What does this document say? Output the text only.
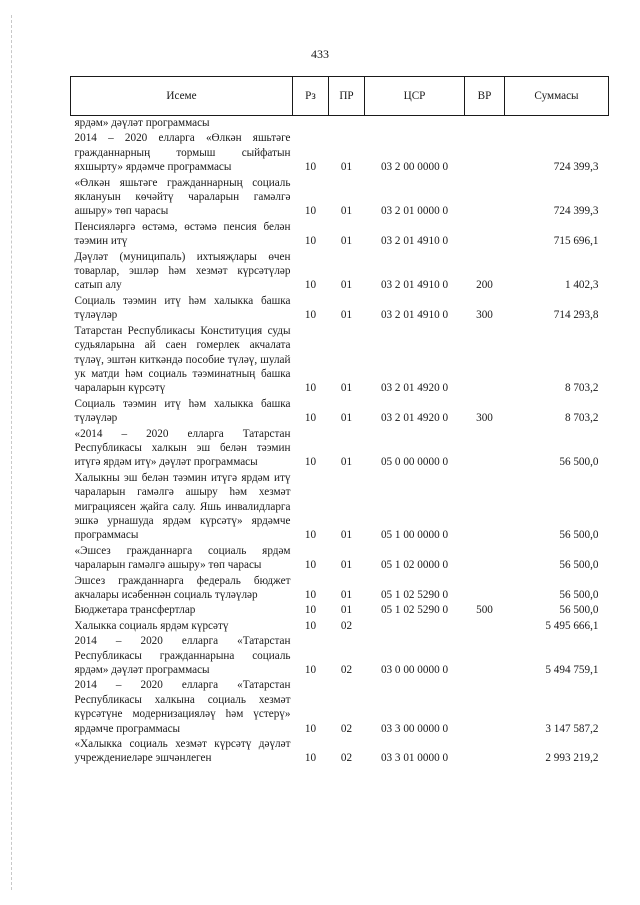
433
Исеме	Рз	ПР	ЦСР	ВР	Суммасы
ярдәм» дәүләт программасы					
2014 – 2020 елларга «Өлкән яшьтәге гражданнарның тормыш сыйфатын яхшырту» ярдәмче программасы	10	01	03 2 00 0000 0		724 399,3
«Өлкән яшьтәге гражданнарның социаль яклануын көчәйтү чараларын гамәлгә ашыру» төп чарасы	10	01	03 2 01 0000 0		724 399,3
Пенсияләргә өстәмә, өстәмә пенсия белән тәэмин итү	10	01	03 2 01 4910 0		715 696,1
Дәүләт (муниципаль) ихтыяҗлары өчен товарлар, эшләр һәм хезмәт күрсәтүләр сатып алу	10	01	03 2 01 4910 0	200	1 402,3
Социаль тәэмин итү һәм халыкка башка түләүләр	10	01	03 2 01 4910 0	300	714 293,8
Татарстан Республикасы Конституция суды судьяларына ай саен гомерлек акчалата түләү, эштән киткәндә пособие түләү, шулай ук матди һәм социаль тәэминатның башка чараларын күрсәтү	10	01	03 2 01 4920 0		8 703,2
Социаль тәэмин итү һәм халыкка башка түләүләр	10	01	03 2 01 4920 0	300	8 703,2
«2014 – 2020 елларга Татарстан Республикасы халкын эш белән тәэмин итүгә ярдәм итү» дәүләт программасы	10	01	05 0 00 0000 0		56 500,0
Халыкны эш белән тәэмин итүгә ярдәм итү чараларын гамәлгә ашыру һәм хезмәт миграциясен җайга салу. Яшь инвалидларга эшкә урнашуда ярдәм күрсәтү» ярдәмче программасы	10	01	05 1 00 0000 0		56 500,0
«Эшсез гражданнарга социаль ярдәм чараларын гамәлгә ашыру» төп чарасы	10	01	05 1 02 0000 0		56 500,0
Эшсез гражданнарга федераль бюджет акчалары исәбеннән социаль түләүләр	10	01	05 1 02 5290 0		56 500,0
Бюджетара трансфертлар	10	01	05 1 02 5290 0	500	56 500,0
Халыкка социаль ярдәм күрсәтү	10	02			5 495 666,1
2014 – 2020 елларга «Татарстан Республикасы гражданнарына социаль ярдәм» дәүләт программасы	10	02	03 0 00 0000 0		5 494 759,1
2014 – 2020 елларга «Татарстан Республикасы халкына социаль хезмәт күрсәтүне модернизацияләү һәм үстерү» ярдәмче программасы	10	02	03 3 00 0000 0		3 147 587,2
«Халыкка социаль хезмәт күрсәтү дәүләт учреждениеләре эшчәнлеген	10	02	03 3 01 0000 0		2 993 219,2
